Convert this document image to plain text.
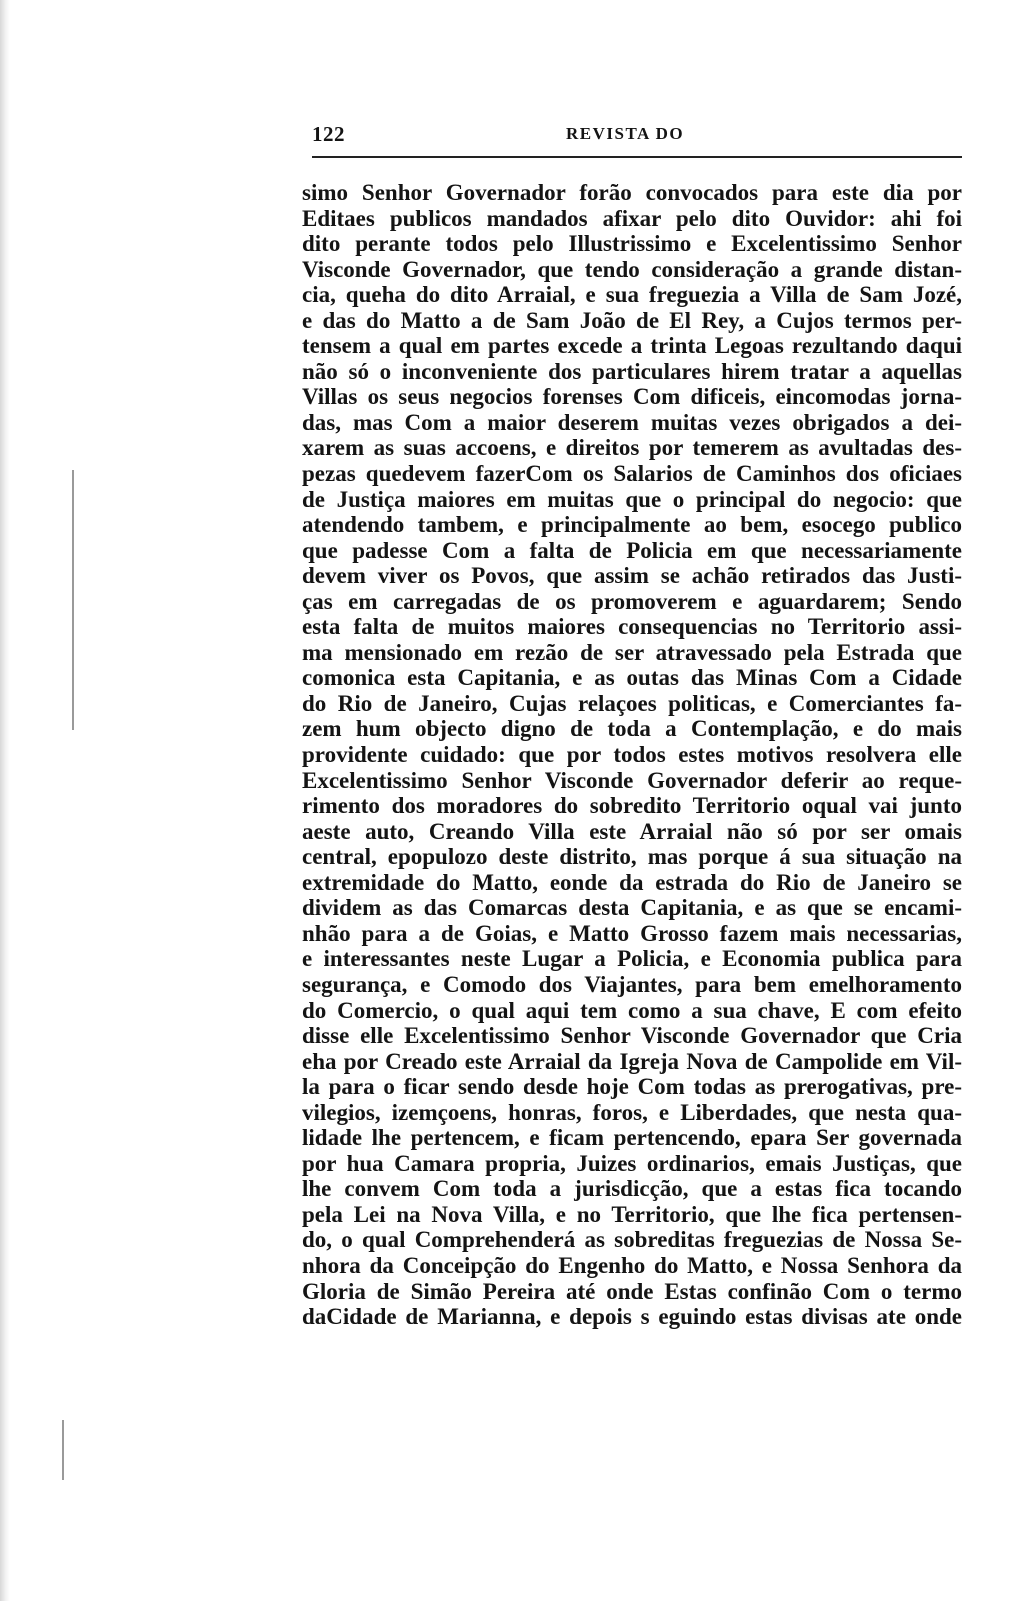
122	REVISTA DO
simo Senhor Governador forão convocados para este dia por
Editaes publicos mandados afixar pelo dito Ouvidor: ahi foi
dito perante todos pelo Illustrissimo e Excelentissimo Senhor
Visconde Governador, que tendo consideração a grande distan-
cia, queha do dito Arraial, e sua freguezia a Villa de Sam Jozé,
e das do Matto a de Sam João de El Rey, a Cujos termos per-
tensem a qual em partes excede a trinta Legoas rezultando daqui
não só o inconveniente dos particulares hirem tratar a aquellas
Villas os seus negocios forenses Com dificeis, eincomodas jorna-
das, mas Com a maior deserem muitas vezes obrigados a dei-
xarem as suas accoens, e direitos por temerem as avultadas des-
pezas quedevem fazerCom os Salarios de Caminhos dos oficiaes
de Justiça maiores em muitas que o principal do negocio: que
atendendo tambem, e principalmente ao bem, esocego publico
que padesse Com a falta de Policia em que necessariamente
devem viver os Povos, que assim se achão retirados das Justi-
ças em carregadas de os promoverem e aguardarem; Sendo
esta falta de muitos maiores consequencias no Territorio assi-
ma mensionado em rezão de ser atravessado pela Estrada que
comonica esta Capitania, e as outas das Minas Com a Cidade
do Rio de Janeiro, Cujas relaçoes politicas, e Comerciantes fa-
zem hum objecto digno de toda a Contemplação, e do mais
providente cuidado: que por todos estes motivos resolvera elle
Excelentissimo Senhor Visconde Governador deferir ao reque-
rimento dos moradores do sobredito Territorio oqual vai junto
aeste auto, Creando Villa este Arraial não só por ser omais
central, epopulozo deste distrito, mas porque á sua situação na
extremidade do Matto, eonde da estrada do Rio de Janeiro se
dividem as das Comarcas desta Capitania, e as que se encami-
nhão para a de Goias, e Matto Grosso fazem mais necessarias,
e interessantes neste Lugar a Policia, e Economia publica para
segurança, e Comodo dos Viajantes, para bem emelhoramento
do Comercio, o qual aqui tem como a sua chave, E com efeito
disse elle Excelentissimo Senhor Visconde Governador que Cria
eha por Creado este Arraial da Igreja Nova de Campolide em Vil-
la para o ficar sendo desde hoje Com todas as prerogativas, pre-
vilegios, izemçoens, honras, foros, e Liberdades, que nesta qua-
lidade lhe pertencem, e ficam pertencendo, epara Ser governada
por hua Camara propria, Juizes ordinarios, emais Justiças, que
lhe convem Com toda a jurisdicção, que a estas fica tocando
pela Lei na Nova Villa, e no Territorio, que lhe fica pertensen-
do, o qual Comprehenderá as sobreditas freguezias de Nossa Se-
nhora da Conceipção do Engenho do Matto, e Nossa Senhora da
Gloria de Simão Pereira até onde Estas confinão Com o termo
daCidade de Marianna, e depois s eguindo estas divisas ate onde
